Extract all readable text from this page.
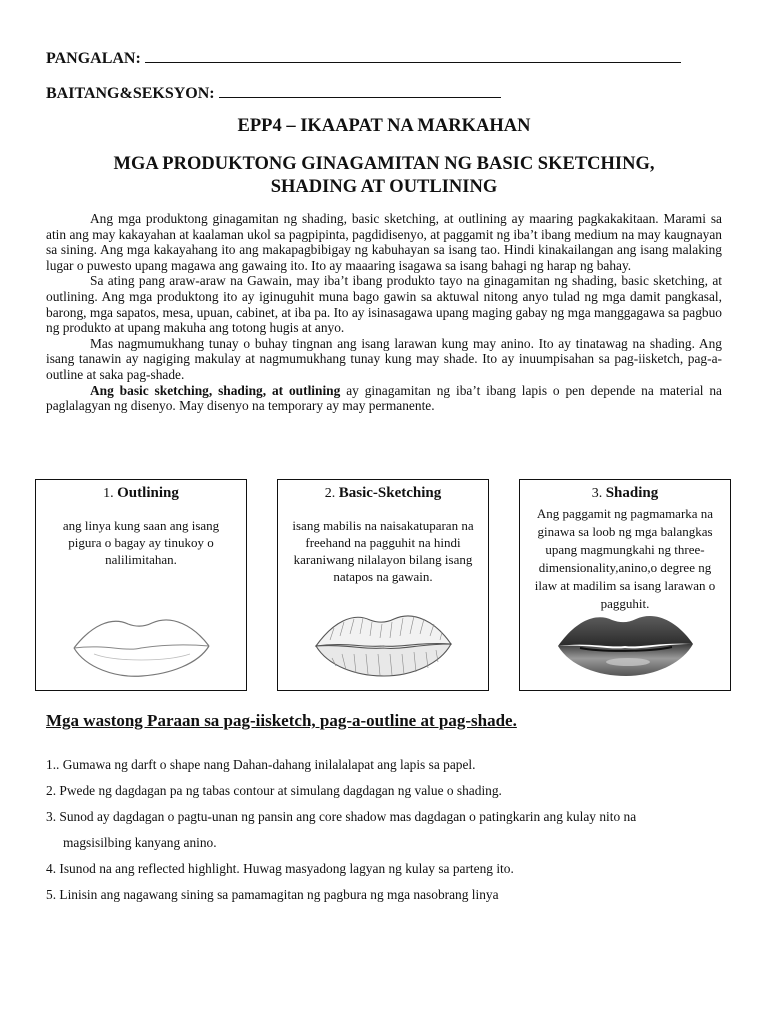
PANGALAN:
BAITANG&SEKSYON:
EPP4 – IKAAPAT NA MARKAHAN
MGA PRODUKTONG GINAGAMITAN NG BASIC SKETCHING,
SHADING AT OUTLINING

Ang mga produktong ginagamitan ng shading, basic sketching, at outlining ay maaring pagkakakitaan. Marami sa atin ang may kakayahan at kaalaman ukol sa pagpipinta, pagdidisenyo, at paggamit ng iba’t ibang medium na may kaugnayan sa sining. Ang mga kakayahang ito ang makapagbibigay ng kabuhayan sa isang tao. Hindi kinakailangan ang isang malaking lugar o puwesto upang magawa ang gawaing ito. Ito ay maaaring isagawa sa isang bahagi ng harap ng bahay.

Sa ating pang araw-araw na Gawain, may iba’t ibang produkto tayo na ginagamitan ng shading, basic sketching, at outlining. Ang mga produktong ito ay iginuguhit muna bago gawin sa aktuwal nitong anyo tulad ng mga damit pangkasal, barong, mga sapatos, mesa, upuan, cabinet, at iba pa. Ito ay isinasagawa upang maging gabay ng mga manggagawa sa pagbuo ng produkto at upang makuha ang totong hugis at anyo.

Mas nagmumukhang tunay o buhay tingnan ang isang larawan kung may anino. Ito ay tinatawag na shading. Ang isang tanawin ay nagiging makulay at nagmumukhang tunay kung may shade. Ito ay inuumpisahan sa pag-iisketch, pag-a-outline at saka pag-shade.

Ang basic sketching, shading, at outlining ay ginagamitan ng iba’t ibang lapis o pen depende na material na paglalagyan ng disenyo. May disenyo na temporary ay may permanente.

1. Outlining
ang linya kung saan ang isang pigura o bagay ay tinukoy o nalilimitahan.
2. Basic-Sketching
isang mabilis na naisakatuparan na freehand na pagguhit na hindi karaniwang nilalayon bilang isang natapos na gawain.
3. Shading
Ang paggamit ng pagmamarka na ginawa sa loob ng mga balangkas upang magmungkahi ng three-dimensionality,anino,o degree ng ilaw at madilim sa isang larawan o pagguhit.
Mga wastong Paraan sa pag-iisketch, pag-a-outline at pag-shade.
1.. Gumawa ng darft o shape nang Dahan-dahang inilalalapat ang lapis sa papel.
2. Pwede ng dagdagan pa ng tabas contour at simulang dagdagan ng value o shading.
3. Sunod ay dagdagan o pagtu-unan ng pansin ang core shadow mas dagdagan o patingkarin ang kulay nito na
magsisilbing kanyang anino.
4. Isunod na ang reflected highlight. Huwag masyadong lagyan ng kulay sa parteng ito.
5. Linisin ang nagawang sining sa pamamagitan ng pagbura ng mga nasobrang linya
